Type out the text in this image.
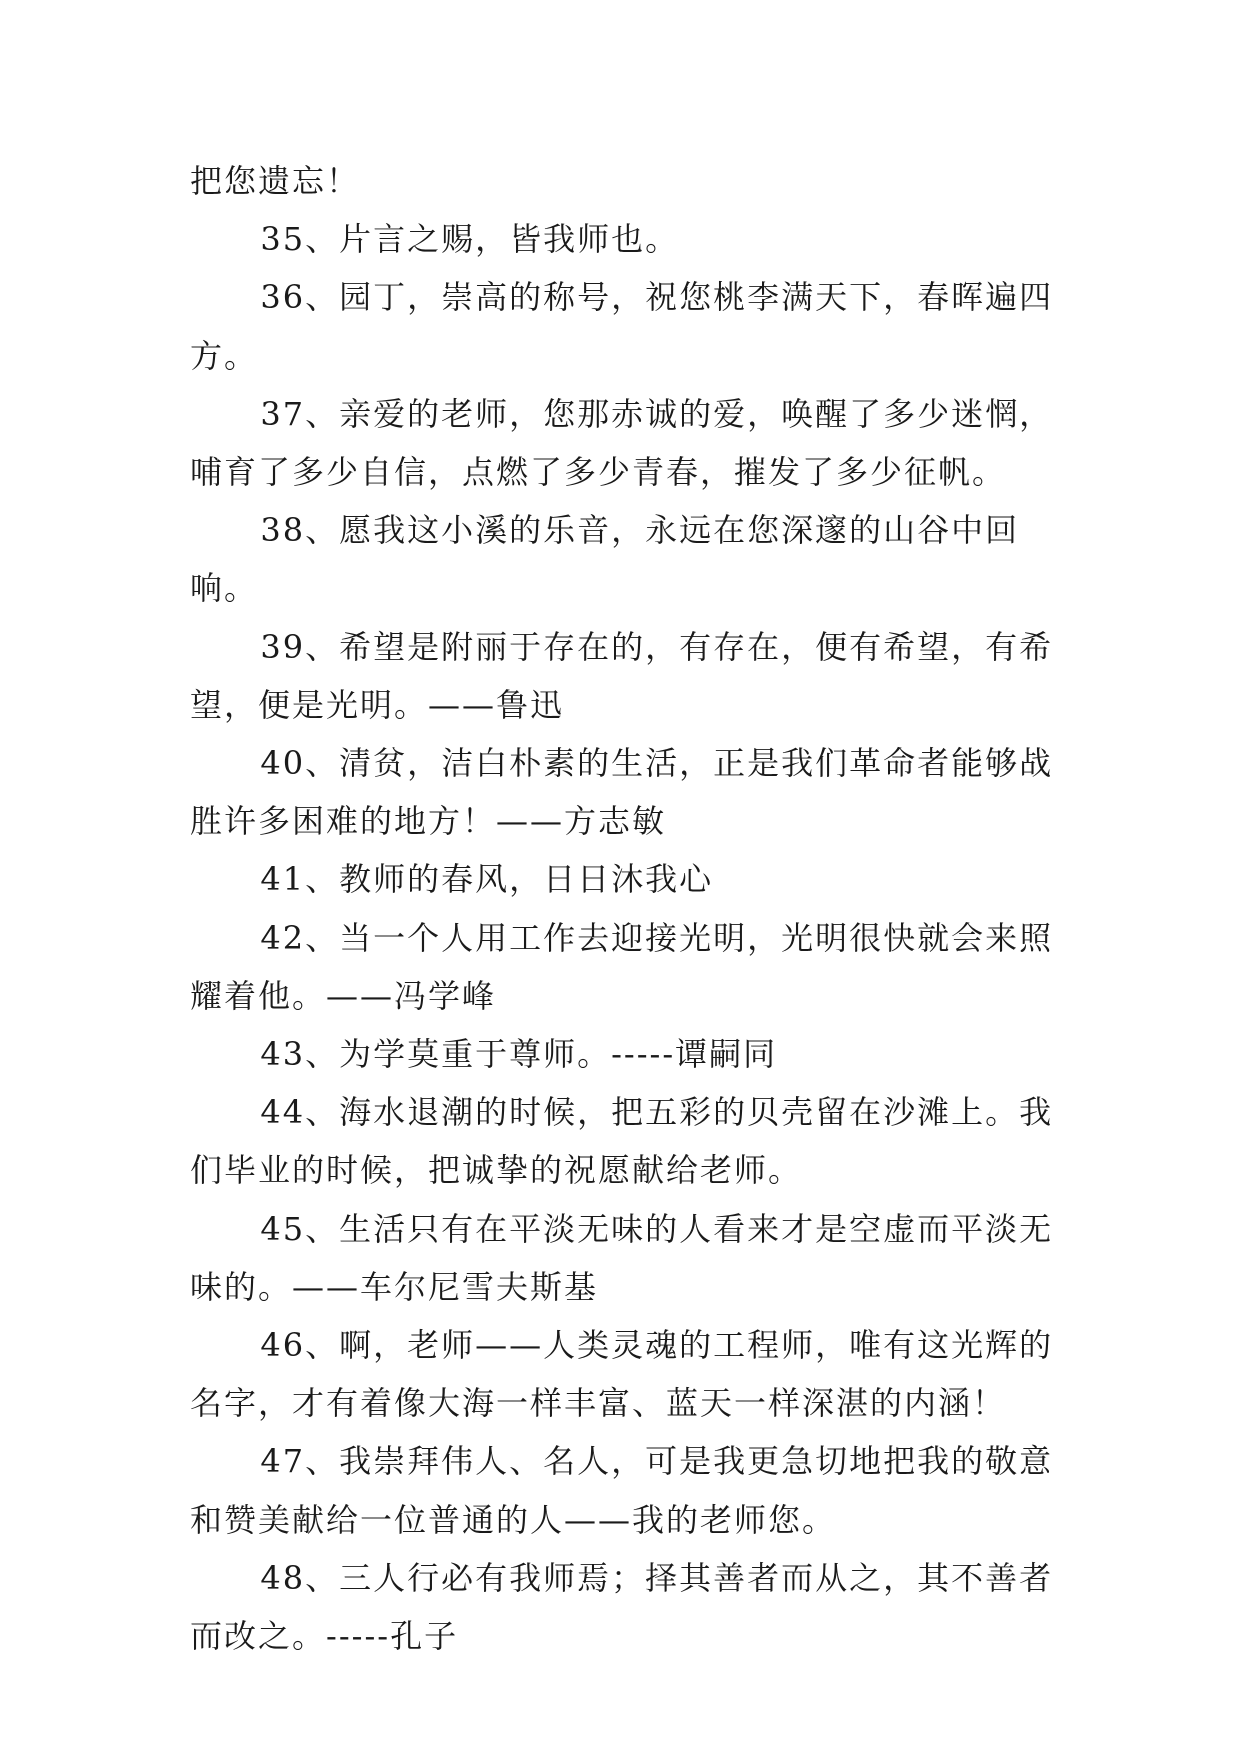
把您遗忘！

35、片言之赐，皆我师也。

36、园丁，崇高的称号，祝您桃李满天下，春晖遍四方。

37、亲爱的老师，您那赤诚的爱，唤醒了多少迷惘，哺育了多少自信，点燃了多少青春，摧发了多少征帆。

38、愿我这小溪的乐音，永远在您深邃的山谷中回响。

39、希望是附丽于存在的，有存在，便有希望，有希望，便是光明。——鲁迅

40、清贫，洁白朴素的生活，正是我们革命者能够战胜许多困难的地方！——方志敏

41、教师的春风，日日沐我心

42、当一个人用工作去迎接光明，光明很快就会来照耀着他。——冯学峰

43、为学莫重于尊师。-----谭嗣同

44、海水退潮的时候，把五彩的贝壳留在沙滩上。我们毕业的时候，把诚挚的祝愿献给老师。

45、生活只有在平淡无味的人看来才是空虚而平淡无味的。——车尔尼雪夫斯基

46、啊，老师——人类灵魂的工程师，唯有这光辉的名字，才有着像大海一样丰富、蓝天一样深湛的内涵！

47、我崇拜伟人、名人，可是我更急切地把我的敬意和赞美献给一位普通的人——我的老师您。

48、三人行必有我师焉；择其善者而从之，其不善者而改之。-----孔子
